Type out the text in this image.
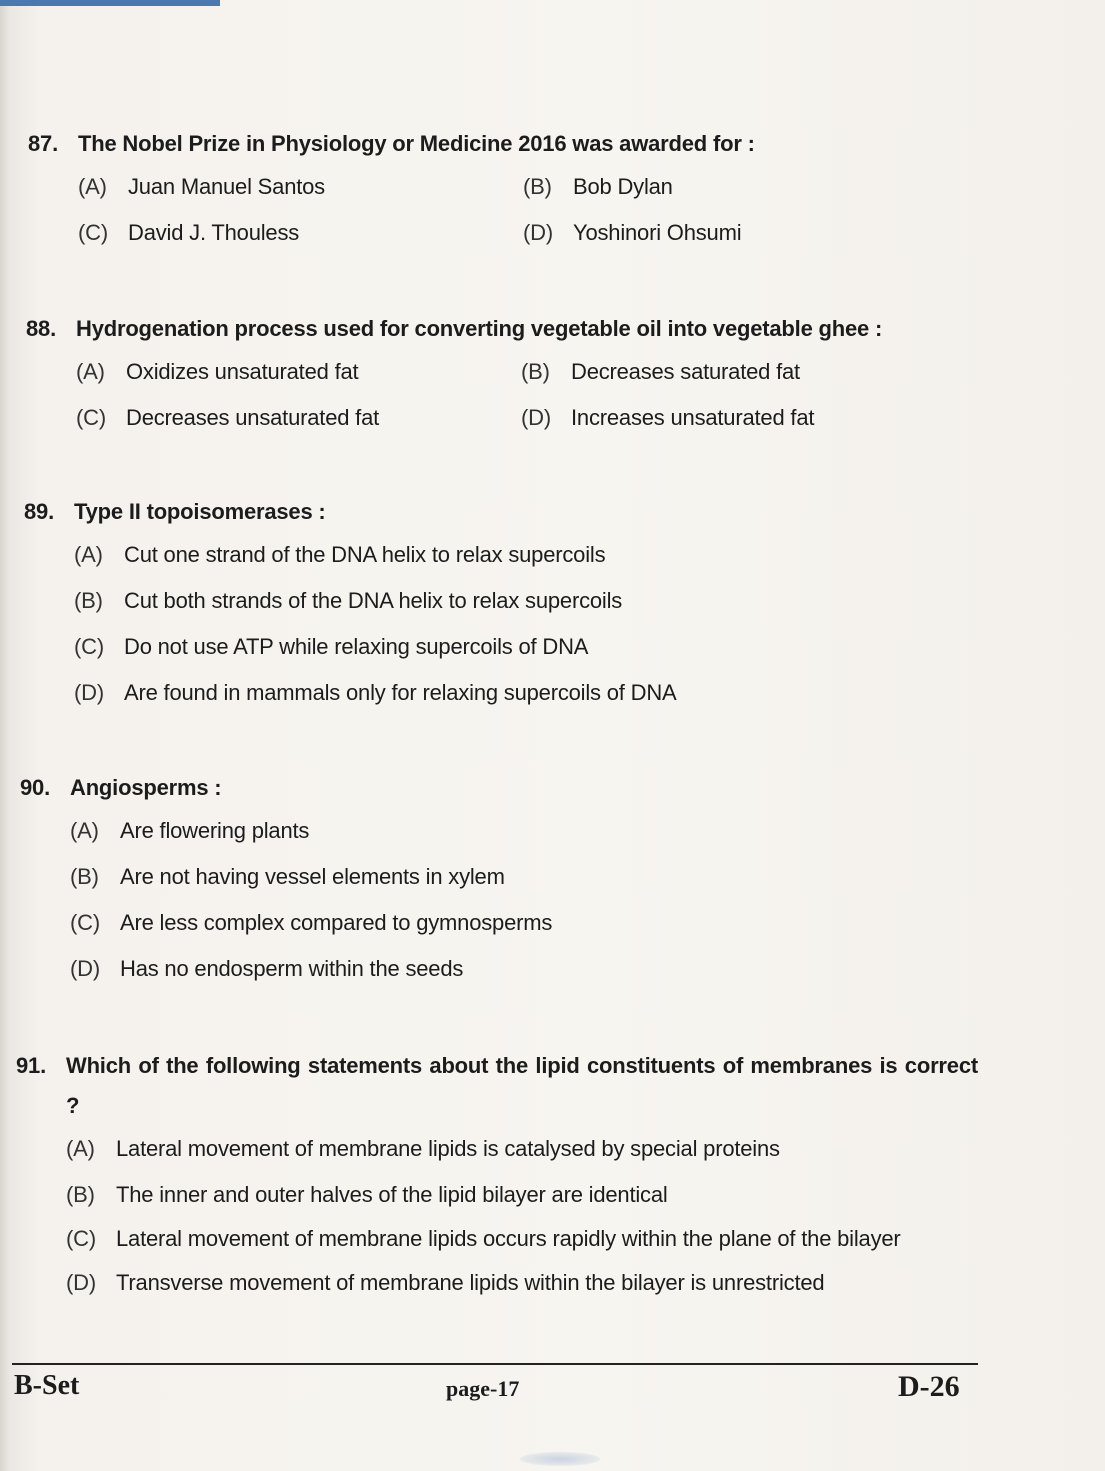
87. The Nobel Prize in Physiology or Medicine 2016 was awarded for :
(A) Juan Manuel Santos	(B) Bob Dylan
(C) David J. Thouless	(D) Yoshinori Ohsumi
88. Hydrogenation process used for converting vegetable oil into vegetable ghee :
(A) Oxidizes unsaturated fat	(B) Decreases saturated fat
(C) Decreases unsaturated fat	(D) Increases unsaturated fat
89. Type II topoisomerases :
(A) Cut one strand of the DNA helix to relax supercoils
(B) Cut both strands of the DNA helix to relax supercoils
(C) Do not use ATP while relaxing supercoils of DNA
(D) Are found in mammals only for relaxing supercoils of DNA
90. Angiosperms :
(A) Are flowering plants
(B) Are not having vessel elements in xylem
(C) Are less complex compared to gymnosperms
(D) Has no endosperm within the seeds
91. Which of the following statements about the lipid constituents of membranes is correct ?
(A) Lateral movement of membrane lipids is catalysed by special proteins
(B) The inner and outer halves of the lipid bilayer are identical
(C) Lateral movement of membrane lipids occurs rapidly within the plane of the bilayer
(D) Transverse movement of membrane lipids within the bilayer is unrestricted
B-Set	page-17	D-26
